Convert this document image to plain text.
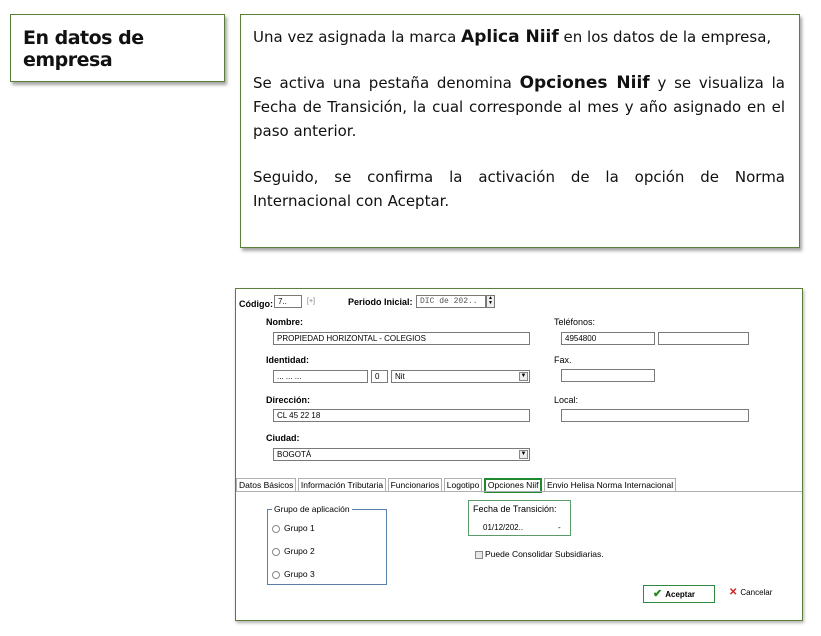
En datos de empresa

Una vez asignada la marca Aplica Niif en los datos de la empresa,

Se activa una pestaña denomina Opciones Niif y se visualiza la Fecha de Transición, la cual corresponde al mes y año asignado en el paso anterior.

Seguido, se confirma la activación de la opción de Norma Internacional con Aceptar.

Código: 7..	[+]	Periodo Inicial: DIC de 202..	▲
▼
Nombre:
PROPIEDAD HORIZONTAL - COLEGIOS
Teléfonos:
4954800
Identidad:
... ... ...	0	Nit	▼
Fax.
Dirección:
CL 45 22 18
Local:
Ciudad:
BOGOTÁ	▼
Datos Básicos Información Tributaria Funcionarios Logotipo Opciones Niif Envio Helisa Norma Internacional
Grupo de aplicación
Grupo 1
Grupo 2
Grupo 3
Fecha de Transición:
01/12/202..	-
Puede Consolidar Subsidiarias.
✔ Aceptar	✕ Cancelar
